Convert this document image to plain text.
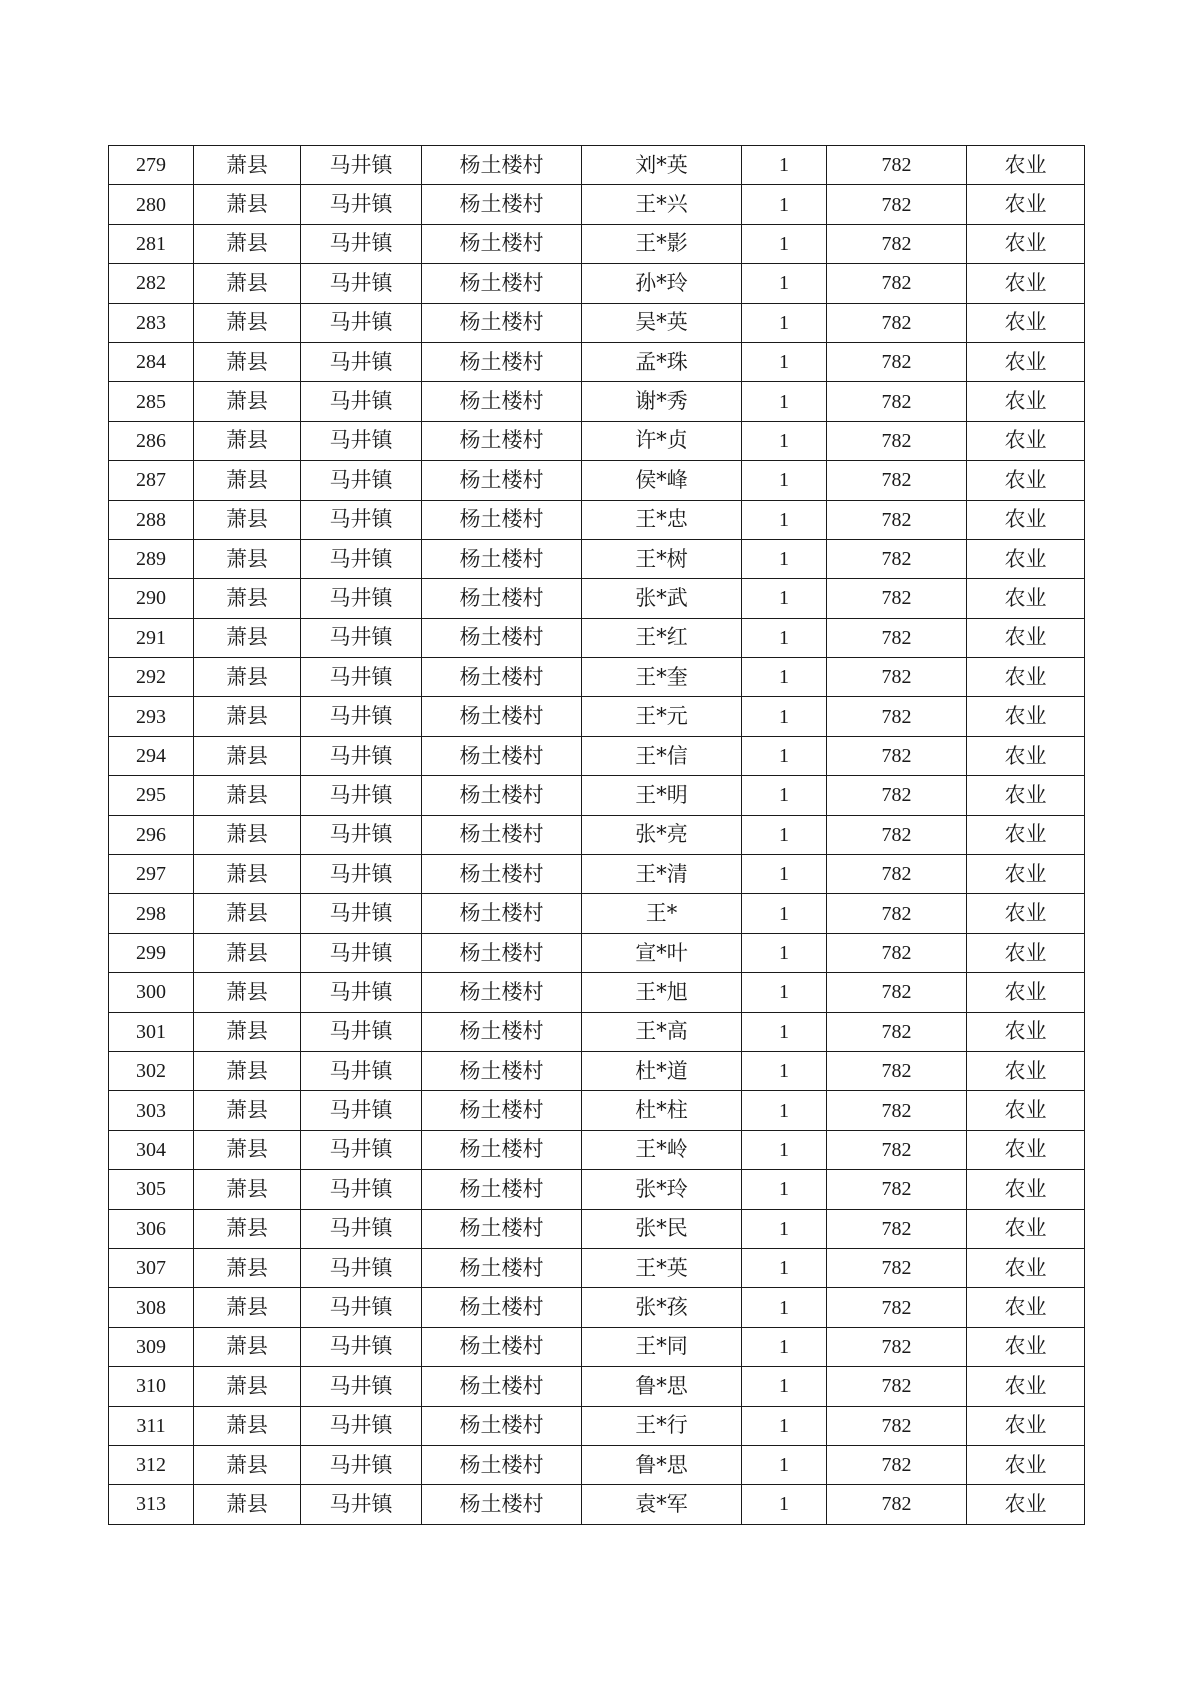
279	萧县	马井镇	杨土楼村	刘*英	1	782	农业
280	萧县	马井镇	杨土楼村	王*兴	1	782	农业
281	萧县	马井镇	杨土楼村	王*影	1	782	农业
282	萧县	马井镇	杨土楼村	孙*玲	1	782	农业
283	萧县	马井镇	杨土楼村	吴*英	1	782	农业
284	萧县	马井镇	杨土楼村	孟*珠	1	782	农业
285	萧县	马井镇	杨土楼村	谢*秀	1	782	农业
286	萧县	马井镇	杨土楼村	许*贞	1	782	农业
287	萧县	马井镇	杨土楼村	侯*峰	1	782	农业
288	萧县	马井镇	杨土楼村	王*忠	1	782	农业
289	萧县	马井镇	杨土楼村	王*树	1	782	农业
290	萧县	马井镇	杨土楼村	张*武	1	782	农业
291	萧县	马井镇	杨土楼村	王*红	1	782	农业
292	萧县	马井镇	杨土楼村	王*奎	1	782	农业
293	萧县	马井镇	杨土楼村	王*元	1	782	农业
294	萧县	马井镇	杨土楼村	王*信	1	782	农业
295	萧县	马井镇	杨土楼村	王*明	1	782	农业
296	萧县	马井镇	杨土楼村	张*亮	1	782	农业
297	萧县	马井镇	杨土楼村	王*清	1	782	农业
298	萧县	马井镇	杨土楼村	王*	1	782	农业
299	萧县	马井镇	杨土楼村	宣*叶	1	782	农业
300	萧县	马井镇	杨土楼村	王*旭	1	782	农业
301	萧县	马井镇	杨土楼村	王*高	1	782	农业
302	萧县	马井镇	杨土楼村	杜*道	1	782	农业
303	萧县	马井镇	杨土楼村	杜*柱	1	782	农业
304	萧县	马井镇	杨土楼村	王*岭	1	782	农业
305	萧县	马井镇	杨土楼村	张*玲	1	782	农业
306	萧县	马井镇	杨土楼村	张*民	1	782	农业
307	萧县	马井镇	杨土楼村	王*英	1	782	农业
308	萧县	马井镇	杨土楼村	张*孩	1	782	农业
309	萧县	马井镇	杨土楼村	王*同	1	782	农业
310	萧县	马井镇	杨土楼村	鲁*思	1	782	农业
311	萧县	马井镇	杨土楼村	王*行	1	782	农业
312	萧县	马井镇	杨土楼村	鲁*思	1	782	农业
313	萧县	马井镇	杨土楼村	袁*军	1	782	农业
